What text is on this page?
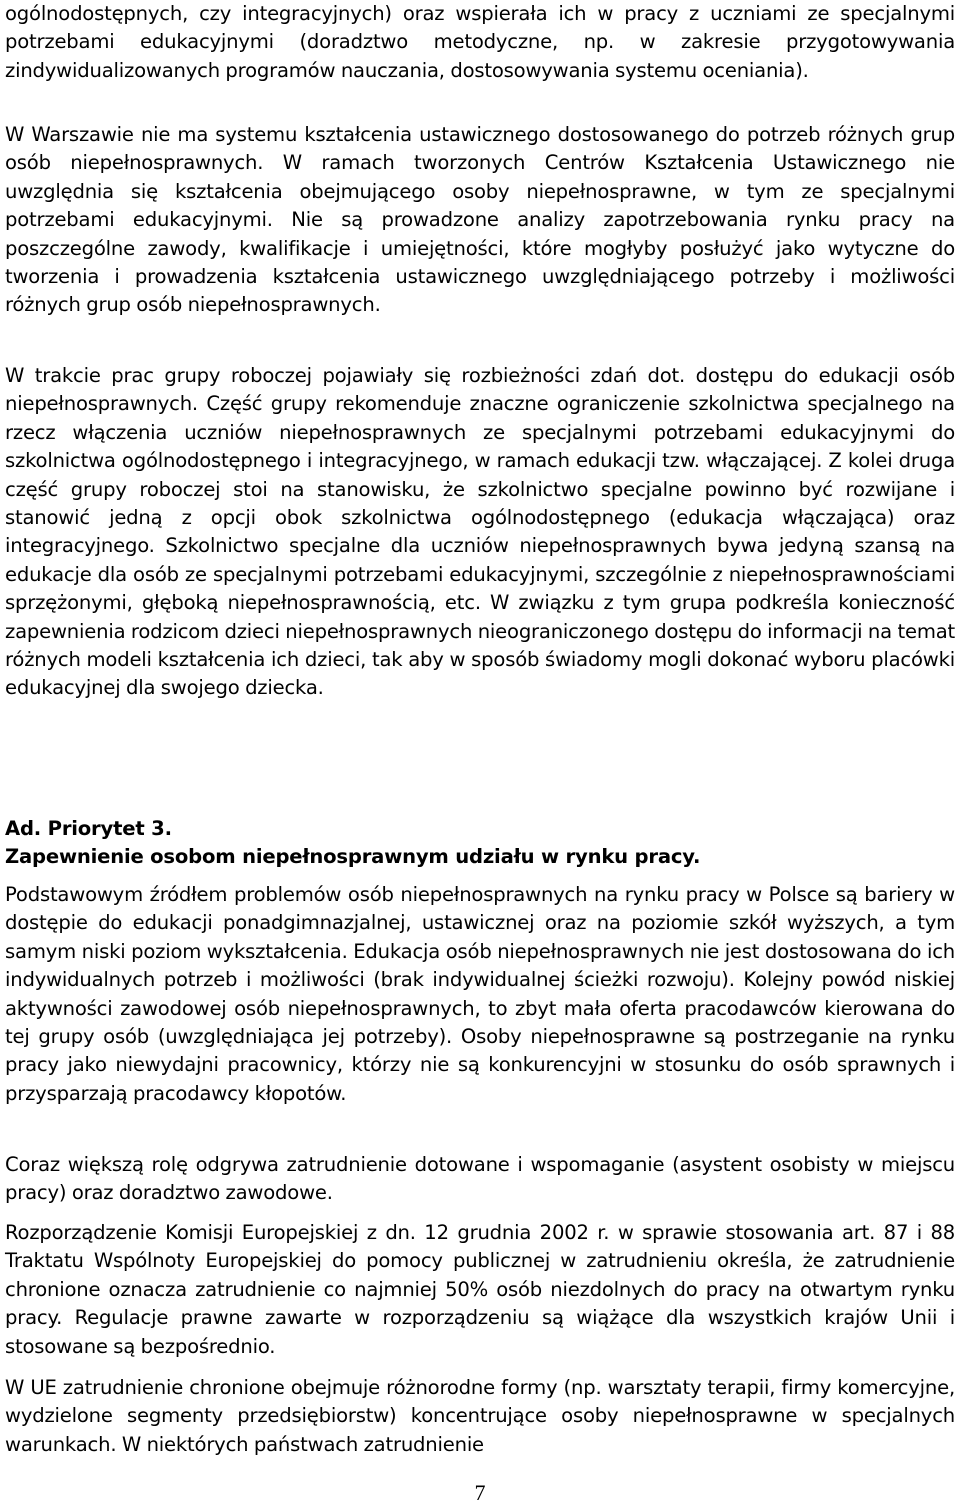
ogólnodostępnych, czy integracyjnych) oraz wspierała ich w pracy z uczniami ze specjalnymi potrzebami edukacyjnymi (doradztwo metodyczne, np. w zakresie przygotowywania zindywidualizowanych programów nauczania, dostosowywania systemu oceniania).

W Warszawie nie ma systemu kształcenia ustawicznego dostosowanego do potrzeb różnych grup osób niepełnosprawnych. W ramach tworzonych Centrów Kształcenia Ustawicznego nie uwzględnia się kształcenia obejmującego osoby niepełnosprawne, w tym ze specjalnymi potrzebami edukacyjnymi. Nie są prowadzone analizy zapotrzebowania rynku pracy na poszczególne zawody, kwalifikacje i umiejętności, które mogłyby posłużyć jako wytyczne do tworzenia i prowadzenia kształcenia ustawicznego uwzględniającego potrzeby i możliwości różnych grup osób niepełnosprawnych.

W trakcie prac grupy roboczej pojawiały się rozbieżności zdań dot. dostępu do edukacji osób niepełnosprawnych. Część grupy rekomenduje znaczne ograniczenie szkolnictwa specjalnego na rzecz włączenia uczniów niepełnosprawnych ze specjalnymi potrzebami edukacyjnymi do szkolnictwa ogólnodostępnego i integracyjnego, w ramach edukacji tzw. włączającej. Z kolei druga część grupy roboczej stoi na stanowisku, że szkolnictwo specjalne powinno być rozwijane i stanowić jedną z opcji obok szkolnictwa ogólnodostępnego (edukacja włączająca) oraz integracyjnego. Szkolnictwo specjalne dla uczniów niepełnosprawnych bywa jedyną szansą na edukacje dla osób ze specjalnymi potrzebami edukacyjnymi, szczególnie z niepełnosprawnościami sprzężonymi, głęboką niepełnosprawnością, etc. W związku z tym grupa podkreśla konieczność zapewnienia rodzicom dzieci niepełnosprawnych nieograniczonego dostępu do informacji na temat różnych modeli kształcenia ich dzieci, tak aby w sposób świadomy mogli dokonać wyboru placówki edukacyjnej dla swojego dziecka.

Ad. Priorytet 3.
Zapewnienie osobom niepełnosprawnym udziału w rynku pracy.

Podstawowym źródłem problemów osób niepełnosprawnych na rynku pracy w Polsce są bariery w dostępie do edukacji ponadgimnazjalnej, ustawicznej oraz na poziomie szkół wyższych, a tym samym niski poziom wykształcenia. Edukacja osób niepełnosprawnych nie jest dostosowana do ich indywidualnych potrzeb i możliwości (brak indywidualnej ścieżki rozwoju). Kolejny powód niskiej aktywności zawodowej osób niepełnosprawnych, to zbyt mała oferta pracodawców kierowana do tej grupy osób (uwzględniająca jej potrzeby). Osoby niepełnosprawne są postrzeganie na rynku pracy jako niewydajni pracownicy, którzy nie są konkurencyjni w stosunku do osób sprawnych i przysparzają pracodawcy kłopotów.

Coraz większą rolę odgrywa zatrudnienie dotowane i wspomaganie (asystent osobisty w miejscu pracy) oraz doradztwo zawodowe.

Rozporządzenie Komisji Europejskiej z dn. 12 grudnia 2002 r. w sprawie stosowania art. 87 i 88 Traktatu Wspólnoty Europejskiej do pomocy publicznej w zatrudnieniu określa, że zatrudnienie chronione oznacza zatrudnienie co najmniej 50% osób niezdolnych do pracy na otwartym rynku pracy. Regulacje prawne zawarte w rozporządzeniu są wiążące dla wszystkich krajów Unii i stosowane są bezpośrednio.

W UE zatrudnienie chronione obejmuje różnorodne formy (np. warsztaty terapii, firmy komercyjne, wydzielone segmenty przedsiębiorstw) koncentrujące osoby niepełnosprawne w specjalnych warunkach. W niektórych państwach zatrudnienie

7
